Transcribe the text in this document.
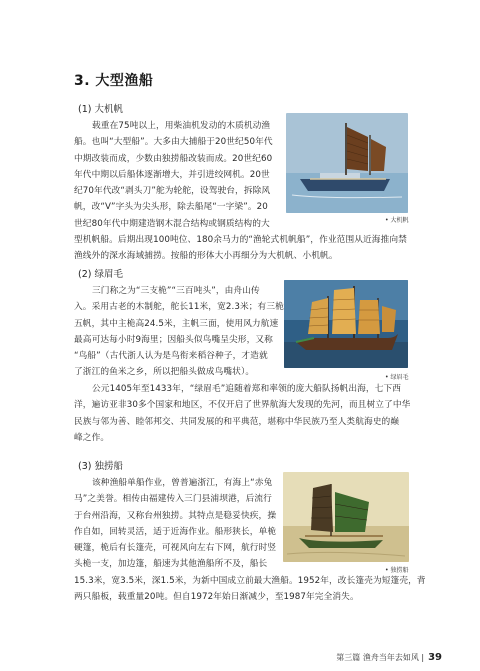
3. 大型渔船
(1) 大机帆
载重在75吨以上，用柴油机发动的木质机动渔
船。也叫“大型船”。大多由大捕船于20世纪50年代
中期改装而成，少数由独捞船改装而成。20世纪60
年代中期以后船体逐渐增大，并引进绞网机。20世
纪70年代改“剥头刀”舵为轮舵，设驾驶台，拆除风
帆，改“V”字头为尖头形，除去船尾“一字梁”。20
世纪80年代中期建造钢木混合结构或钢质结构的大
型机帆船。后期出现100吨位、180余马力的“渔轮式机帆船”，作业范围从近海推向禁
渔线外的深水海域捕捞。按船的形体大小再细分为大机帆、小机帆。
• 大机帆
(2) 绿眉毛
三门称之为“三支桅”“三百吨头”，由舟山传
入。采用古老的木制舵，舵长11米，宽2.3米；有三桅
五帆，其中主桅高24.5米，主帆三面，使用风力航速
最高可达每小时9海里；因船头似鸟嘴呈尖形，又称
“鸟船”（古代浙人认为是鸟衔来稻谷种子，才造就
了浙江的鱼米之乡，所以把船头做成鸟嘴状）。
公元1405年至1433年，“绿眉毛”追随着郑和率领的庞大船队扬帆出海，七下西
洋，遍访亚非30多个国家和地区，不仅开启了世界航海大发现的先河，而且树立了中华
民族与邻为善、睦邻邦交、共同发展的和平典范，堪称中华民族乃至人类航海史的巅
峰之作。
• 绿眉毛
(3) 独捞船
该种渔船单船作业，曾普遍浙江，有海上“赤兔
马”之美誉。相传由福建传入三门县浦坝港，后流行
于台州沿海，又称台州独捞。其特点是稳妥快疾，操
作自如，回转灵活，适于近海作业。船形狭长，单桅
硬篷，桅后有长篷壳，可视风向左右下网，航行时竖
头桅一支，加边篷，船速为其他渔船所不及，船长
15.3米，宽3.5米，深1.5米，为新中国成立前最大渔船。1952年，改长篷壳为短篷壳，背
两只船板，载重量20吨。但自1972年始日渐减少，至1987年完全消失。
• 独捞船
第三篇 渔舟当年去如风 | 39
